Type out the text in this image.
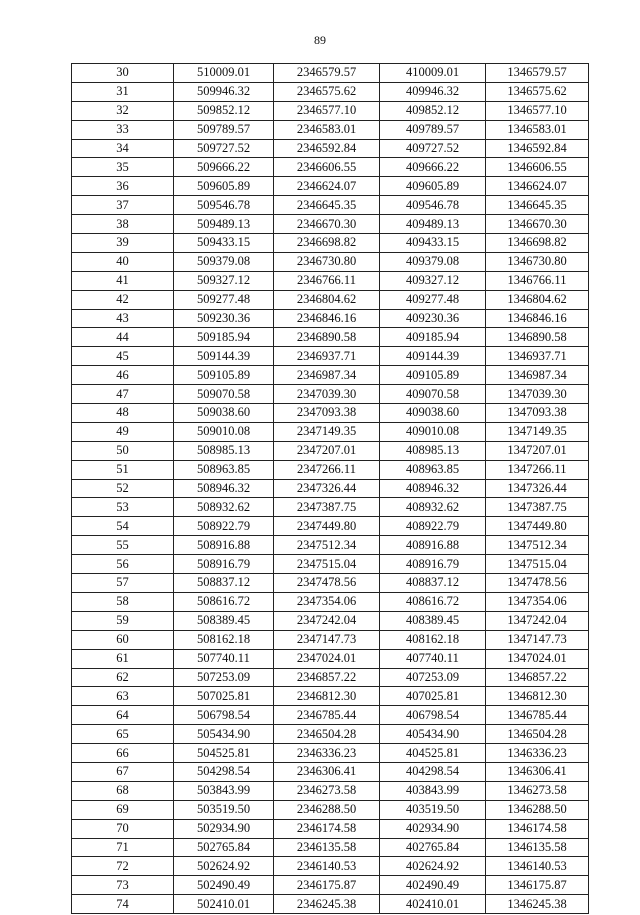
89
30	510009.01	2346579.57	410009.01	1346579.57
31	509946.32	2346575.62	409946.32	1346575.62
32	509852.12	2346577.10	409852.12	1346577.10
33	509789.57	2346583.01	409789.57	1346583.01
34	509727.52	2346592.84	409727.52	1346592.84
35	509666.22	2346606.55	409666.22	1346606.55
36	509605.89	2346624.07	409605.89	1346624.07
37	509546.78	2346645.35	409546.78	1346645.35
38	509489.13	2346670.30	409489.13	1346670.30
39	509433.15	2346698.82	409433.15	1346698.82
40	509379.08	2346730.80	409379.08	1346730.80
41	509327.12	2346766.11	409327.12	1346766.11
42	509277.48	2346804.62	409277.48	1346804.62
43	509230.36	2346846.16	409230.36	1346846.16
44	509185.94	2346890.58	409185.94	1346890.58
45	509144.39	2346937.71	409144.39	1346937.71
46	509105.89	2346987.34	409105.89	1346987.34
47	509070.58	2347039.30	409070.58	1347039.30
48	509038.60	2347093.38	409038.60	1347093.38
49	509010.08	2347149.35	409010.08	1347149.35
50	508985.13	2347207.01	408985.13	1347207.01
51	508963.85	2347266.11	408963.85	1347266.11
52	508946.32	2347326.44	408946.32	1347326.44
53	508932.62	2347387.75	408932.62	1347387.75
54	508922.79	2347449.80	408922.79	1347449.80
55	508916.88	2347512.34	408916.88	1347512.34
56	508916.79	2347515.04	408916.79	1347515.04
57	508837.12	2347478.56	408837.12	1347478.56
58	508616.72	2347354.06	408616.72	1347354.06
59	508389.45	2347242.04	408389.45	1347242.04
60	508162.18	2347147.73	408162.18	1347147.73
61	507740.11	2347024.01	407740.11	1347024.01
62	507253.09	2346857.22	407253.09	1346857.22
63	507025.81	2346812.30	407025.81	1346812.30
64	506798.54	2346785.44	406798.54	1346785.44
65	505434.90	2346504.28	405434.90	1346504.28
66	504525.81	2346336.23	404525.81	1346336.23
67	504298.54	2346306.41	404298.54	1346306.41
68	503843.99	2346273.58	403843.99	1346273.58
69	503519.50	2346288.50	403519.50	1346288.50
70	502934.90	2346174.58	402934.90	1346174.58
71	502765.84	2346135.58	402765.84	1346135.58
72	502624.92	2346140.53	402624.92	1346140.53
73	502490.49	2346175.87	402490.49	1346175.87
74	502410.01	2346245.38	402410.01	1346245.38
